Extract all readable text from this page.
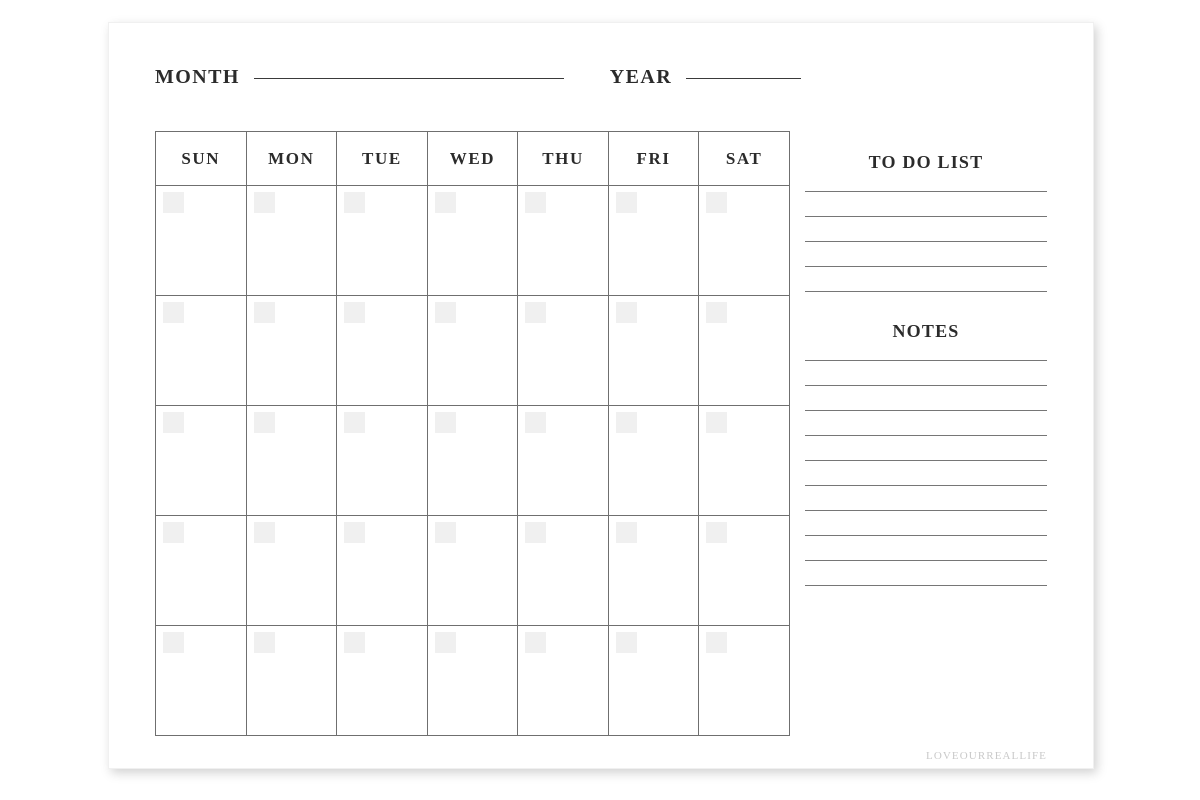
MONTH	YEAR
SUN	MON	TUE	WED	THU	FRI	SAT

		TO DO LIST
NOTES
LOVEOURREALLIFE
